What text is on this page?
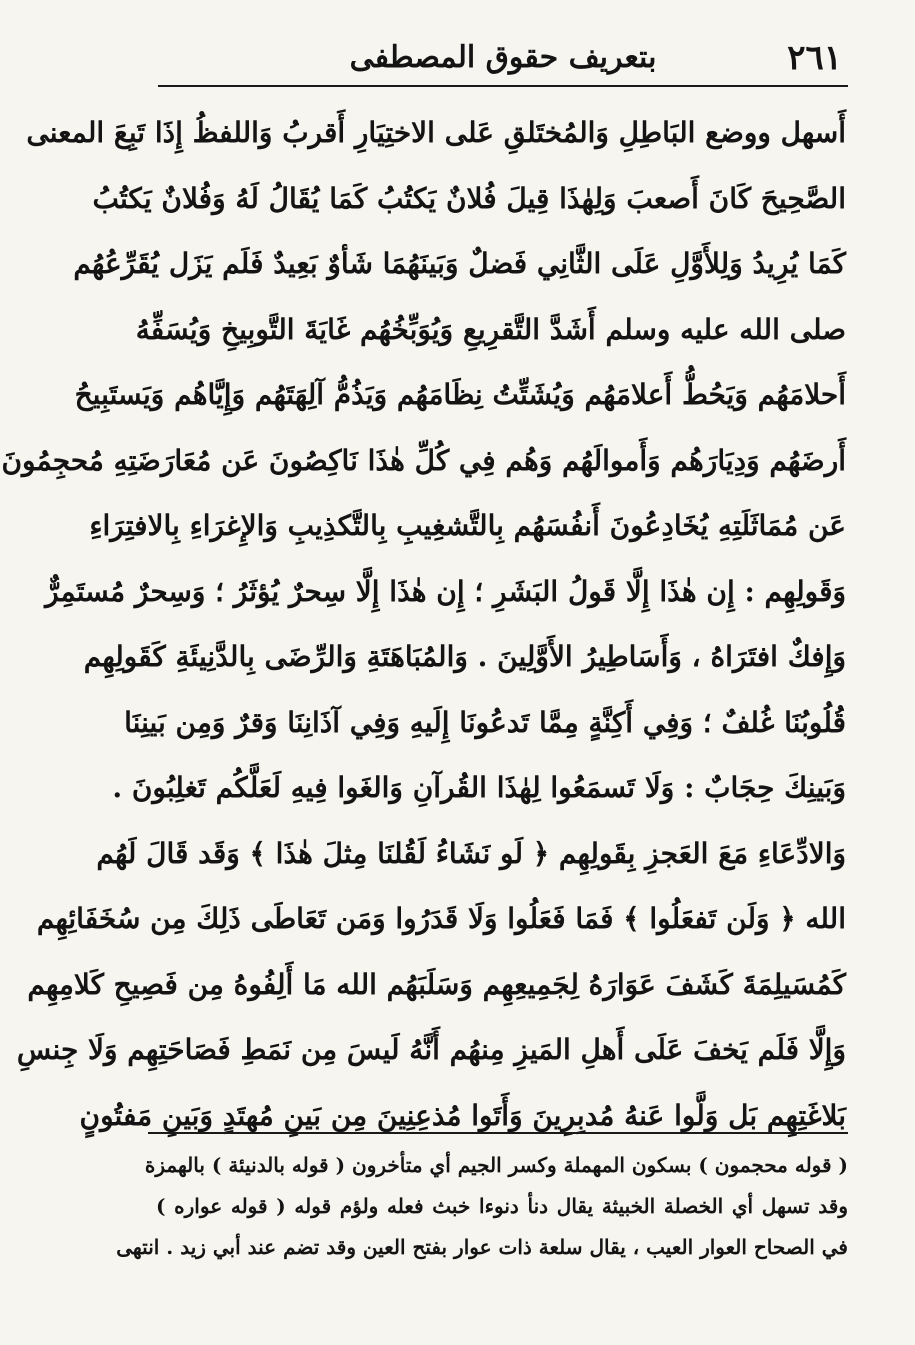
٢٦١
بتعريف حقوق المصطفى
أَسهل ووضع البَاطِلِ وَالمُختَلقِ عَلى الاختِيَارِ أَقربُ وَاللفظُ إِذَا تَبِعَ المعنى
الصَّحِيحَ كَانَ أَصعبَ وَلِهٰذَا قِيلَ فُلانٌ يَكتُبُ كَمَا يُقَالُ لَهُ وَفُلانٌ يَكتُبُ
كَمَا يُرِيدُ وَلِلأَوَّلِ عَلَى الثَّانِي فَضلٌ وَبَينَهُمَا شَأوٌ بَعِيدٌ فَلَم يَزَل يُقَرِّعُهُم
صلى الله عليه وسلم أَشَدَّ التَّقرِيعِ وَيُوَبِّخُهُم غَايَةَ التَّوبِيخِ وَيُسَفِّهُ
أَحلامَهُم وَيَحُطُّ أَعلامَهُم وَيُشَتِّتُ نِظَامَهُم وَيَذُمُّ آلِهَتَهُم وَإِيَّاهُم وَيَستَبِيحُ
أَرضَهُم وَدِيَارَهُم وَأَموالَهُم وَهُم فِي كُلِّ هٰذَا نَاكِصُونَ عَن مُعَارَضَتِهِ مُحجِمُونَ
عَن مُمَاثَلَتِهِ يُخَادِعُونَ أَنفُسَهُم بِالتَّشغِيبِ بِالتَّكذِيبِ وَالإِغرَاءِ بِالافتِرَاءِ
وَقَولِهِم : إِن هٰذَا إِلَّا قَولُ البَشَرِ ؛ إِن هٰذَا إِلَّا سِحرٌ يُؤثَرُ ؛ وَسِحرٌ مُستَمِرٌّ
وَإِفكٌ افتَرَاهُ ، وَأَسَاطِيرُ الأَوَّلِينَ . وَالمُبَاهَتَةِ وَالرِّضَى بِالدَّنِيئَةِ كَقَولِهِم
قُلُوبُنَا غُلفٌ ؛ وَفِي أَكِنَّةٍ مِمَّا تَدعُونَا إِلَيهِ وَفِي آذَانِنَا وَقرٌ وَمِن بَينِنَا
وَبَينِكَ حِجَابٌ : وَلَا تَسمَعُوا لِهٰذَا القُرآنِ وَالغَوا فِيهِ لَعَلَّكُم تَغلِبُونَ .
وَالادِّعَاءِ مَعَ العَجزِ بِقَولِهِم ﴿ لَو نَشَاءُ لَقُلنَا مِثلَ هٰذَا ﴾ وَقَد قَالَ لَهُم
الله ﴿ وَلَن تَفعَلُوا ﴾ فَمَا فَعَلُوا وَلَا قَدَرُوا وَمَن تَعَاطَى ذَلِكَ مِن سُخَفَائِهِم
كَمُسَيلِمَةَ كَشَفَ عَوَارَهُ لِجَمِيعِهِم وَسَلَبَهُم الله مَا أَلِفُوهُ مِن فَصِيحِ كَلامِهِم
وَإِلَّا فَلَم يَخفَ عَلَى أَهلِ المَيزِ مِنهُم أَنَّهُ لَيسَ مِن نَمَطِ فَصَاحَتِهِم وَلَا جِنسِ
بَلاغَتِهِم بَل وَلَّوا عَنهُ مُدبِرِينَ وَأَتَوا مُذعِنِينَ مِن بَينِ مُهتَدٍ وَبَينِ مَفتُونٍ
( قوله محجمون ) بسكون المهملة وكسر الجيم أي متأخرون ( قوله بالدنيئة ) بالهمزة
وقد تسهل أي الخصلة الخبيثة يقال دنأ دنوءا خبث فعله ولؤم قوله ( قوله عواره )
في الصحاح العوار العيب ، يقال سلعة ذات عوار بفتح العين وقد تضم عند أبي زيد . انتهى
